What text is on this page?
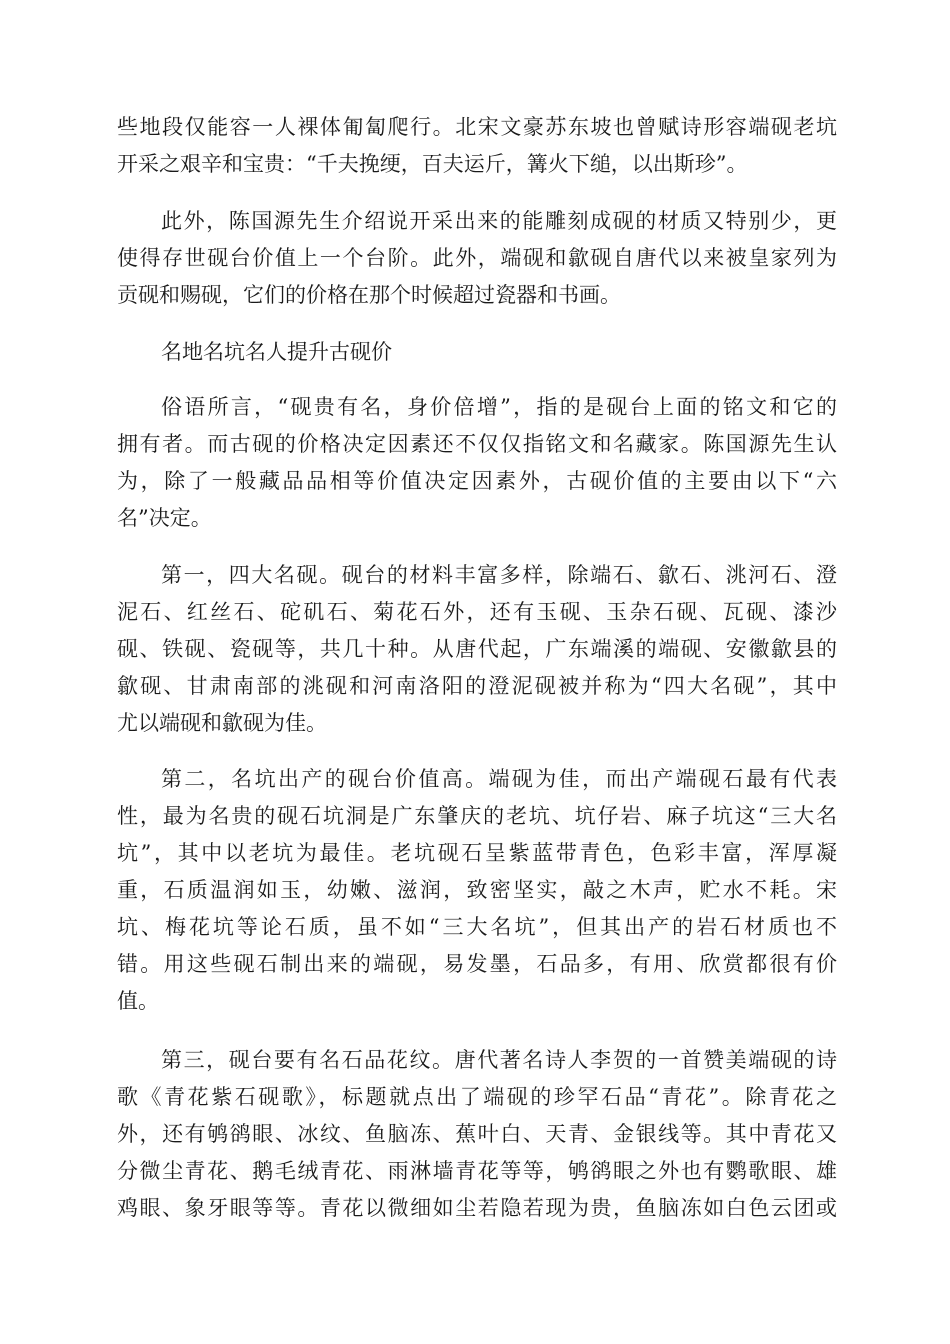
些地段仅能容一人裸体匍匐爬行。北宋文豪苏东坡也曾赋诗形容端砚老坑
开采之艰辛和宝贵：“千夫挽绠，百夫运斤，篝火下缒，以出斯珍”。
此外，陈国源先生介绍说开采出来的能雕刻成砚的材质又特别少，更
使得存世砚台价值上一个台阶。此外，端砚和歙砚自唐代以来被皇家列为
贡砚和赐砚，它们的价格在那个时候超过瓷器和书画。
名地名坑名人提升古砚价
俗语所言，“砚贵有名，身价倍增”，指的是砚台上面的铭文和它的
拥有者。而古砚的价格决定因素还不仅仅指铭文和名藏家。陈国源先生认
为，除了一般藏品品相等价值决定因素外，古砚价值的主要由以下“六
名”决定。
第一，四大名砚。砚台的材料丰富多样，除端石、歙石、洮河石、澄
泥石、红丝石、砣矶石、菊花石外，还有玉砚、玉杂石砚、瓦砚、漆沙
砚、铁砚、瓷砚等，共几十种。从唐代起，广东端溪的端砚、安徽歙县的
歙砚、甘肃南部的洮砚和河南洛阳的澄泥砚被并称为“四大名砚”，其中
尤以端砚和歙砚为佳。
第二，名坑出产的砚台价值高。端砚为佳，而出产端砚石最有代表
性，最为名贵的砚石坑洞是广东肇庆的老坑、坑仔岩、麻子坑这“三大名
坑”，其中以老坑为最佳。老坑砚石呈紫蓝带青色，色彩丰富，浑厚凝
重，石质温润如玉，幼嫩、滋润，致密坚实，敲之木声，贮水不耗。宋
坑、梅花坑等论石质，虽不如“三大名坑”，但其出产的岩石材质也不
错。用这些砚石制出来的端砚，易发墨，石品多，有用、欣赏都很有价
值。
第三，砚台要有名石品花纹。唐代著名诗人李贺的一首赞美端砚的诗
歌《青花紫石砚歌》，标题就点出了端砚的珍罕石品“青花”。除青花之
外，还有鸲鹆眼、冰纹、鱼脑冻、蕉叶白、天青、金银线等。其中青花又
分微尘青花、鹅毛绒青花、雨淋墙青花等等，鸲鹆眼之外也有鹦歌眼、雄
鸡眼、象牙眼等等。青花以微细如尘若隐若现为贵，鱼脑冻如白色云团或
